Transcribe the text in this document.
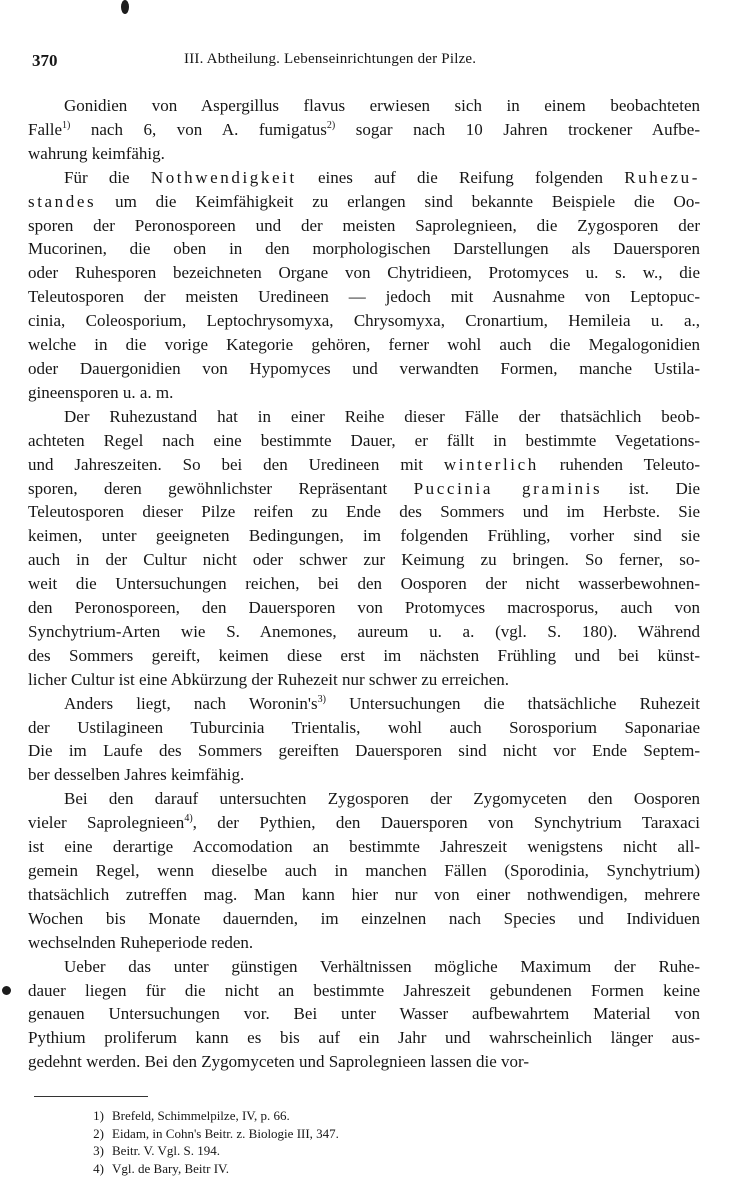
370	III. Abtheilung. Lebenseinrichtungen der Pilze.

Gonidien von Aspergillus flavus erwiesen sich in einem beobachteten
Falle$^{1)}$ nach 6, von A. fumigatus$^{2)}$ sogar nach 10 Jahren trockener Aufbe-
wahrung keimfähig.

Für die Nothwendigkeit eines auf die Reifung folgenden Ruhezu-
standes um die Keimfähigkeit zu erlangen sind bekannte Beispiele die Oo-
sporen der Peronosporeen und der meisten Saprolegnieen, die Zygosporen der
Mucorinen, die oben in den morphologischen Darstellungen als Dauersporen
oder Ruhesporen bezeichneten Organe von Chytridieen, Protomyces u. s. w., die
Teleutosporen der meisten Uredineen — jedoch mit Ausnahme von Leptopuc-
cinia, Coleosporium, Leptochrysomyxa, Chrysomyxa, Cronartium, Hemileia u. a.,
welche in die vorige Kategorie gehören, ferner wohl auch die Megalogonidien
oder Dauergonidien von Hypomyces und verwandten Formen, manche Ustila-
gineensporen u. a. m.

Der Ruhezustand hat in einer Reihe dieser Fälle der thatsächlich beob-
achteten Regel nach eine bestimmte Dauer, er fällt in bestimmte Vegetations-
und Jahreszeiten. So bei den Uredineen mit winterlich ruhenden Teleuto-
sporen, deren gewöhnlichster Repräsentant Puccinia graminis ist. Die
Teleutosporen dieser Pilze reifen zu Ende des Sommers und im Herbste. Sie
keimen, unter geeigneten Bedingungen, im folgenden Frühling, vorher sind sie
auch in der Cultur nicht oder schwer zur Keimung zu bringen. So ferner, so-
weit die Untersuchungen reichen, bei den Oosporen der nicht wasserbewohnen-
den Peronosporeen, den Dauersporen von Protomyces macrosporus, auch von
Synchytrium-Arten wie S. Anemones, aureum u. a. (vgl. S. 180). Während
des Sommers gereift, keimen diese erst im nächsten Frühling und bei künst-
licher Cultur ist eine Abkürzung der Ruhezeit nur schwer zu erreichen.

Anders liegt, nach $Woronin's^{3)}$ Untersuchungen die thatsächliche Ruhezeit
der Ustilagineen Tuburcinia Trientalis, wohl auch Sorosporium Saponariae
Die im Laufe des Sommers gereiften Dauersporen sind nicht vor Ende Septem-
ber desselben Jahres keimfähig.

Bei den darauf untersuchten Zygosporen der Zygomyceten den Oosporen
vieler Saprolegnieen$^{4)}$, der Pythien, den Dauersporen von Synchytrium Taraxaci
ist eine derartige Accomodation an bestimmte Jahreszeit wenigstens nicht all-
gemein Regel, wenn dieselbe auch in manchen Fällen (Sporodinia, Synchytrium)
thatsächlich zutreffen mag. Man kann hier nur von einer nothwendigen, mehrere
Wochen bis Monate dauernden, im einzelnen nach Species und Individuen
wechselnden Ruheperiode reden.

Ueber das unter günstigen Verhältnissen mögliche Maximum der Ruhe-
dauer liegen für die nicht an bestimmte Jahreszeit gebundenen Formen keine
genauen Untersuchungen vor. Bei unter Wasser aufbewahrtem Material von
Pythium proliferum kann es bis auf ein Jahr und wahrscheinlich länger aus-
gedehnt werden. Bei den Zygomyceten und Saprolegnieen lassen die vor-

1) Brefeld, Schimmelpilze, IV, p. 66.
2) Eidam, in Cohn's Beitr. z. Biologie III, 347.
3) Beitr. V. Vgl. S. 194.
4) Vgl. de Bary, Beitr IV.
